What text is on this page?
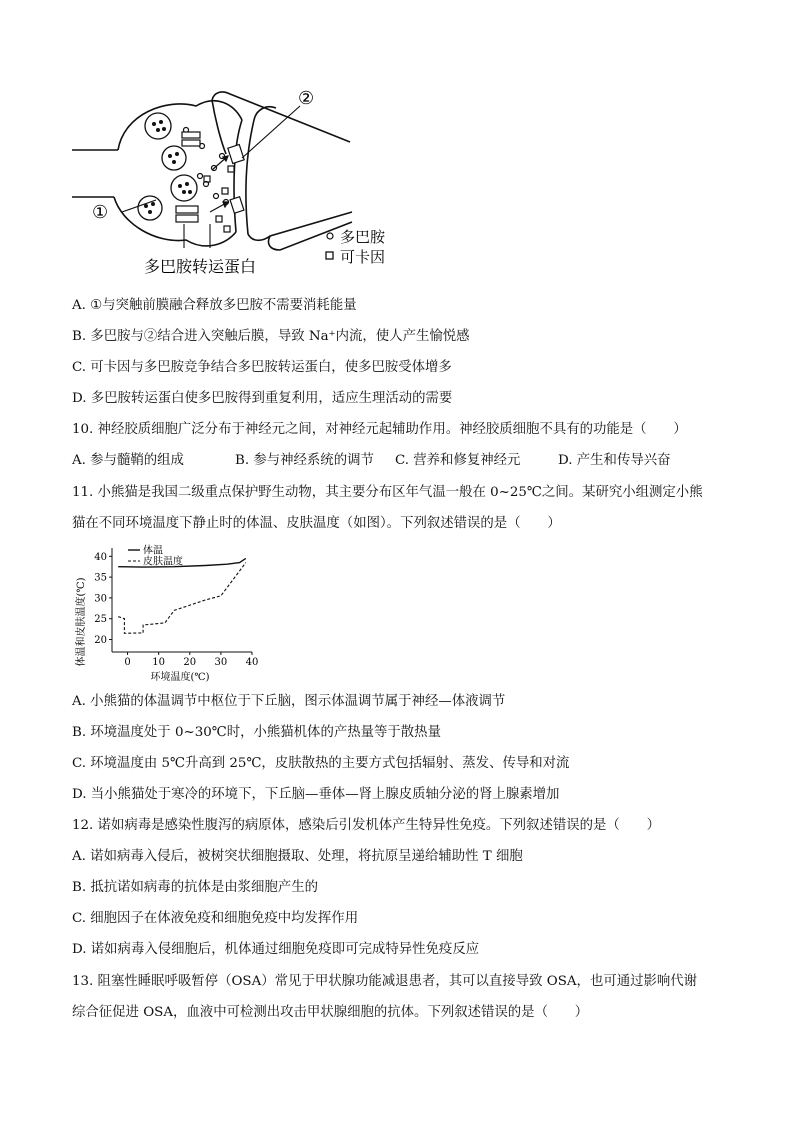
②
①
多巴胺
可卡因
多巴胺转运蛋白
A. ①与突触前膜融合释放多巴胺不需要消耗能量
B. 多巴胺与②结合进入突触后膜，导致 Na⁺内流，使人产生愉悦感
C. 可卡因与多巴胺竞争结合多巴胺转运蛋白，使多巴胺受体增多
D. 多巴胺转运蛋白使多巴胺得到重复利用，适应生理活动的需要
10. 神经胶质细胞广泛分布于神经元之间，对神经元起辅助作用。神经胶质细胞不具有的功能是（　　）
A. 参与髓鞘的组成	B. 参与神经系统的调节 C. 营养和修复神经元	D. 产生和传导兴奋
11. 小熊猫是我国二级重点保护野生动物，其主要分布区年气温一般在 0~25℃之间。某研究小组测定小熊
猫在不同环境温度下静止时的体温、皮肤温度（如图）。下列叙述错误的是（　　）
0 10 20 30 40
20
25
30
35
40
体温
皮肤温度
体温和皮肤温度(℃)
环境温度(℃)
A. 小熊猫的体温调节中枢位于下丘脑，图示体温调节属于神经—体液调节
B. 环境温度处于 0~30℃时，小熊猫机体的产热量等于散热量
C. 环境温度由 5℃升高到 25℃，皮肤散热的主要方式包括辐射、蒸发、传导和对流
D. 当小熊猫处于寒冷的环境下，下丘脑—垂体—肾上腺皮质轴分泌的肾上腺素增加
12. 诺如病毒是感染性腹泻的病原体，感染后引发机体产生特异性免疫。下列叙述错误的是（　　）
A. 诺如病毒入侵后，被树突状细胞摄取、处理，将抗原呈递给辅助性 T 细胞
B. 抵抗诺如病毒的抗体是由浆细胞产生的
C. 细胞因子在体液免疫和细胞免疫中均发挥作用
D. 诺如病毒入侵细胞后，机体通过细胞免疫即可完成特异性免疫反应
13. 阻塞性睡眠呼吸暂停（OSA）常见于甲状腺功能减退患者，其可以直接导致 OSA，也可通过影响代谢
综合征促进 OSA，血液中可检测出攻击甲状腺细胞的抗体。下列叙述错误的是（　　）
